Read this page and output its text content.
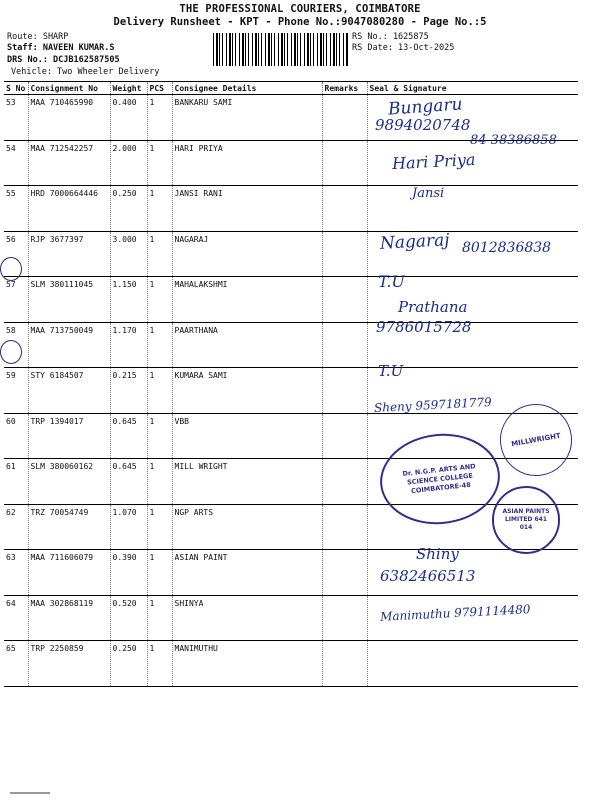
THE PROFESSIONAL COURIERS, COIMBATORE
Delivery Runsheet - KPT - Phone No.:9047080280 - Page No.:5
Route: SHARP
Staff: NAVEEN KUMAR.S
DRS No.: DCJB162587505
Vehicle: Two Wheeler Delivery
RS No.: 1625875
RS Date: 13-Oct-2025
S No	Consignment No	Weight	PCS	Consignee Details	Remarks	Seal & Signature
53	MAA 710465990	0.400	1	BANKARU SAMI		
54	MAA 712542257	2.000	1	HARI PRIYA		
55	HRD 7000664446	0.250	1	JANSI RANI		
56	RJP 3677397	3.000	1	NAGARAJ		
57	SLM 380111045	1.150	1	MAHALAKSHMI		
58	MAA 713750049	1.170	1	PAARTHANA		
59	STY 6184507	0.215	1	KUMARA SAMI		
60	TRP 1394017	0.645	1	VBB		
61	SLM 380060162	0.645	1	MILL WRIGHT		
62	TRZ 70054749	1.070	1	NGP ARTS		
63	MAA 711606079	0.390	1	ASIAN PAINT		
64	MAA 302868119	0.520	1	SHINYA		
65	TRP 2250859	0.250	1	MANIMUTHU		
Bungaru
9894020748
84 38386858
Hari Priya
Jansi
Nagaraj 8012836838
T.U
Prathana
9786015728
T.U
Sheny 9597181779
Shiny
6382466513
Manimuthu 9791114480
MILLWRIGHT
Dr. N.G.P. ARTS AND SCIENCE COLLEGE COIMBATORE-48
ASIAN PAINTS LIMITED 641 014
